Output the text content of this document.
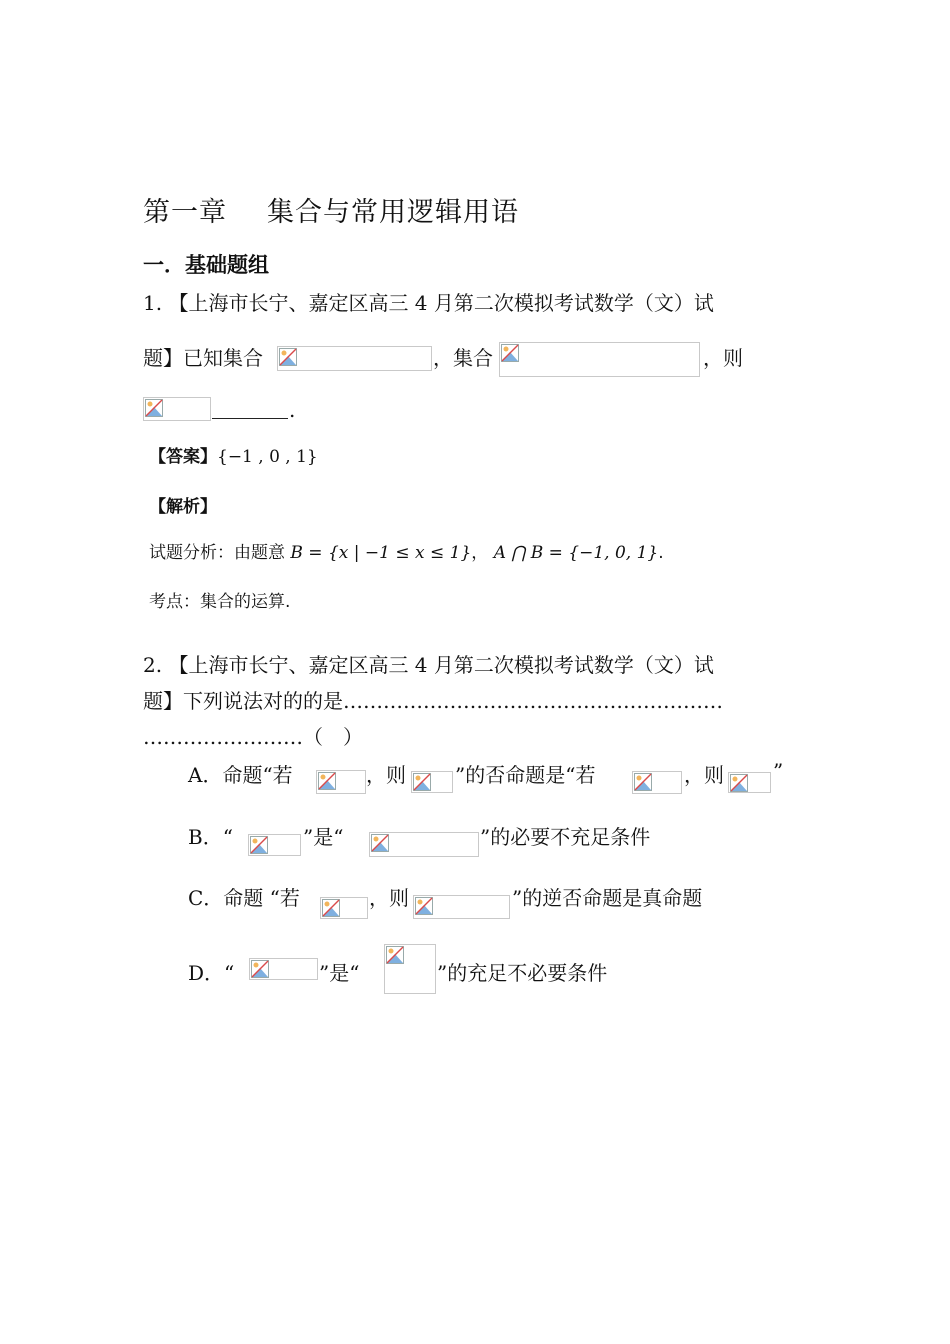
第一章 集合与常用逻辑用语
一．基础题组
1. 【上海市长宁、嘉定区高三 4 月第二次模拟考试数学（文）试
题】已知集合	，集合	，则
.
【答案】{−1 , 0 , 1}
【解析】
试题分析：由题意 B = {x | −1 ≤ x ≤ 1}， A ⋂ B = {−1, 0, 1}.
考点：集合的运算.
2. 【上海市长宁、嘉定区高三 4 月第二次模拟考试数学（文）试
题】下列说法对的的是…………………………………………………
……………………（　）
A．命题“若	，则 ”的否命题是“若	，则 ”
B．“	”是“	”的必要不充足条件
C．命题 “若	，则	”的逆否命题是真命题
D．“	”是“	”的充足不必要条件
